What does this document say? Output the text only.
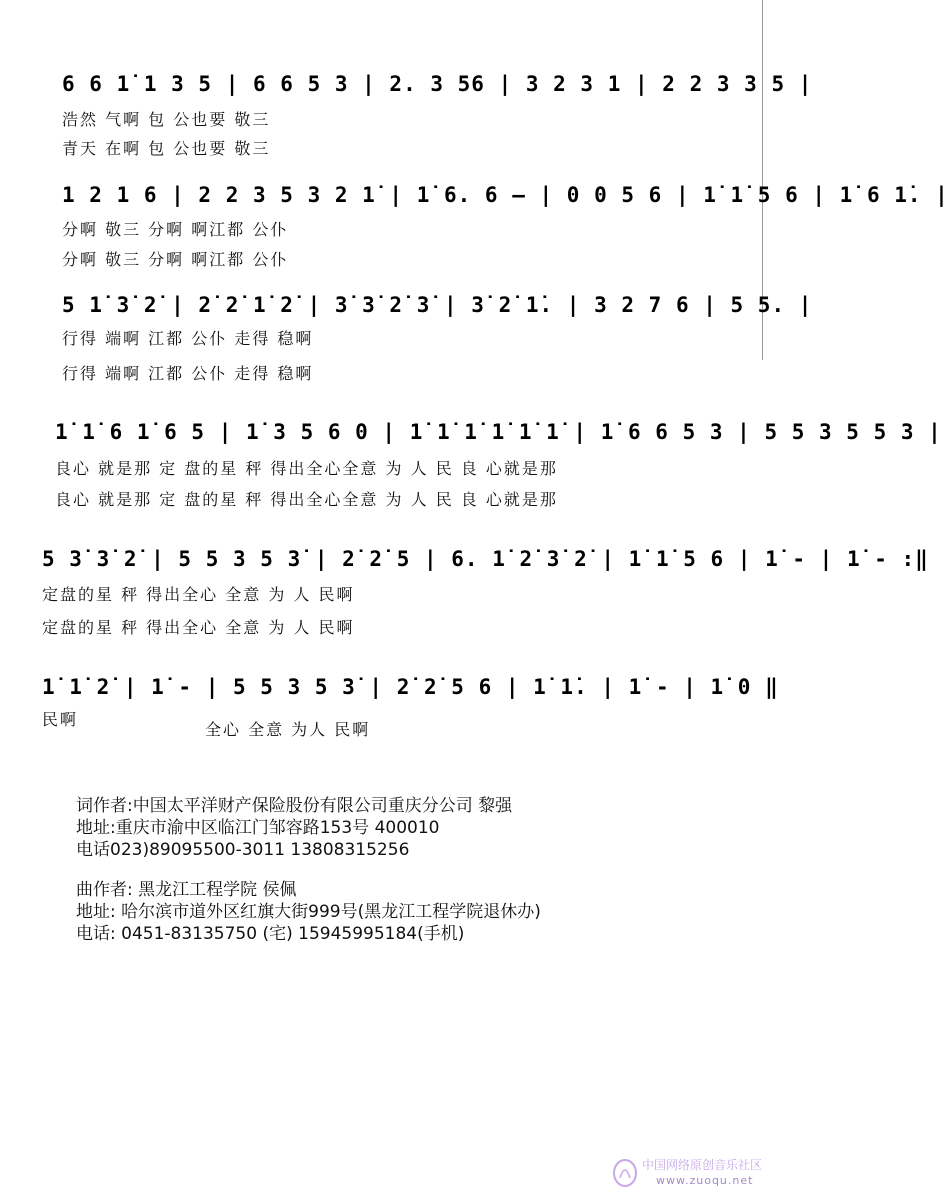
6 6 1̇ 1 3 5 | 6 6 5 3 | 2. 3 56 | 3 2 3 1 | 2 2 3 3 5 |
浩然 气啊 包 公也要 敬三
青天 在啊 包 公也要 敬三
1 2 1 6 | 2 2 3 5 3 2 1̇ | 1̇ 6. 6 — | 0 0 5 6 | 1̇ 1̇ 5 6 | 1̇ 6 1̇. |
分啊 敬三 分啊 啊江都 公仆
分啊 敬三 分啊 啊江都 公仆
5 1̇ 3̇ 2̇ | 2̇ 2̇ 1̇ 2̇ | 3̇ 3̇ 2̇ 3̇ | 3̇ 2̇ 1̇. | 3 2 7 6 | 5 5. |
行得 端啊 江都 公仆 走得 稳啊
行得 端啊 江都 公仆 走得 稳啊
1̇ 1̇ 6 1̇ 6 5 | 1̇ 3 5 6 0 | 1̇ 1̇ 1̇ 1̇ 1̇ 1̇ | 1̇ 6 6 5 3 | 5 5 3 5 5 3 |
良心 就是那 定 盘的星 秤 得出全心全意 为 人 民 良 心就是那
良心 就是那 定 盘的星 秤 得出全心全意 为 人 民 良 心就是那
5 3̇ 3̇ 2̇ | 5 5 3 5 3̇ | 2̇ 2̇ 5 | 6. 1̇ 2̇ 3̇ 2̇ | 1̇ 1̇ 5 6 | 1̇ - | 1̇ - :‖
定盘的星 秤 得出全心 全意 为 人 民啊
定盘的星 秤 得出全心 全意 为 人 民啊
1̇ 1̇ 2̇ | 1̇ - | 5 5 3 5 3̇ | 2̇ 2̇ 5 6 | 1̇ 1̇. | 1̇ - | 1̇ 0 ‖
民啊
全心 全意 为人 民啊
词作者:中国太平洋财产保险股份有限公司重庆分公司 黎强
地址:重庆市渝中区临江门邹容路153号 400010
电话023)89095500-3011 13808315256
曲作者: 黑龙江工程学院 侯佩
地址: 哈尔滨市道外区红旗大街999号(黑龙江工程学院退休办)
电话: 0451-83135750 (宅) 15945995184(手机)
中国网络原创音乐社区
www.zuoqu.net
